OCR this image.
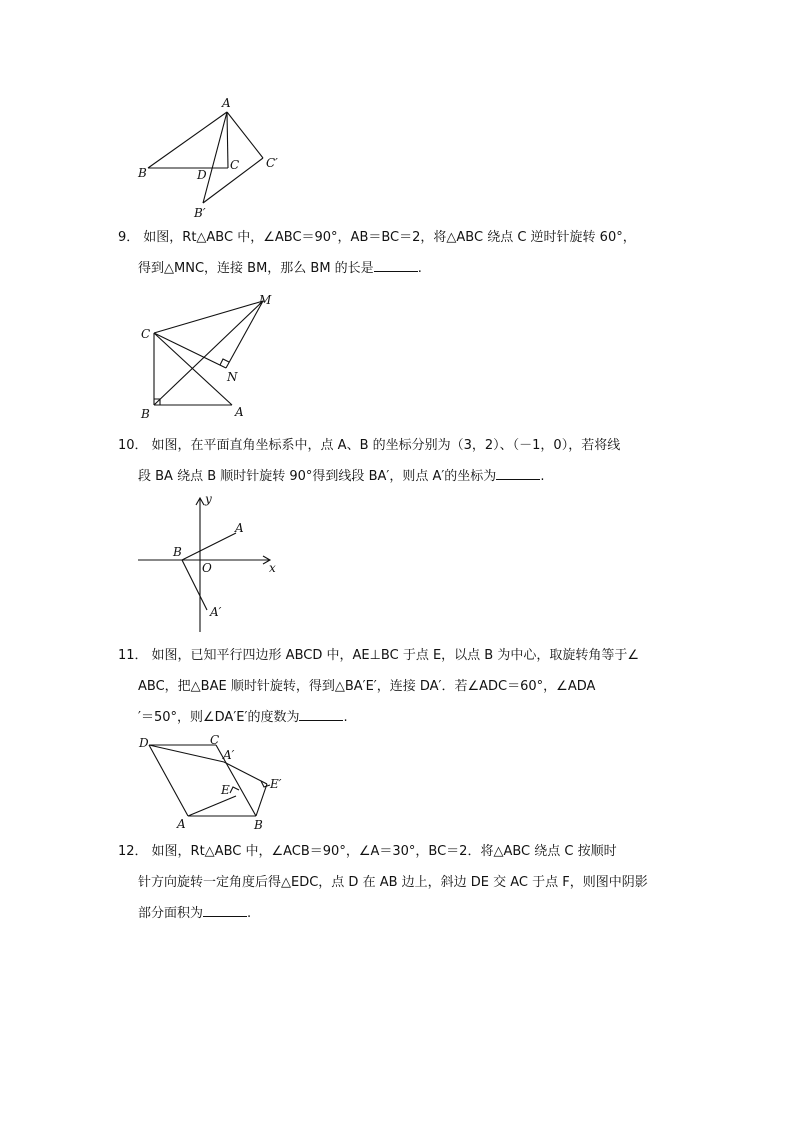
A
B
C
D
C′
B′

9． 如图，Rt△ABC 中，∠ABC＝90°，AB＝BC＝2，将△ABC 绕点 C 逆时针旋转 60°，

得到△MNC，连接 BM，那么 BM 的长是	.

C
M
N
B	A

10． 如图，在平面直角坐标系中，点 A、B 的坐标分别为（3，2）、（－1，0），若将线

段 BA 绕点 B 顺时针旋转 90°得到线段 BA′，则点 A′的坐标为	.

y
A
B
O	x
A′

11． 如图，已知平行四边形 ABCD 中，AE⊥BC 于点 E，以点 B 为中心，取旋转角等于∠

ABC，把△BAE 顺时针旋转，得到△BA′E′，连接 DA′．若∠ADC＝60°，∠ADA

′＝50°，则∠DA′E′的度数为	.

D	C
A′
E	E′
A	B

12． 如图，Rt△ABC 中，∠ACB＝90°，∠A＝30°，BC＝2．将△ABC 绕点 C 按顺时

针方向旋转一定角度后得△EDC，点 D 在 AB 边上，斜边 DE 交 AC 于点 F，则图中阴影

部分面积为	.
